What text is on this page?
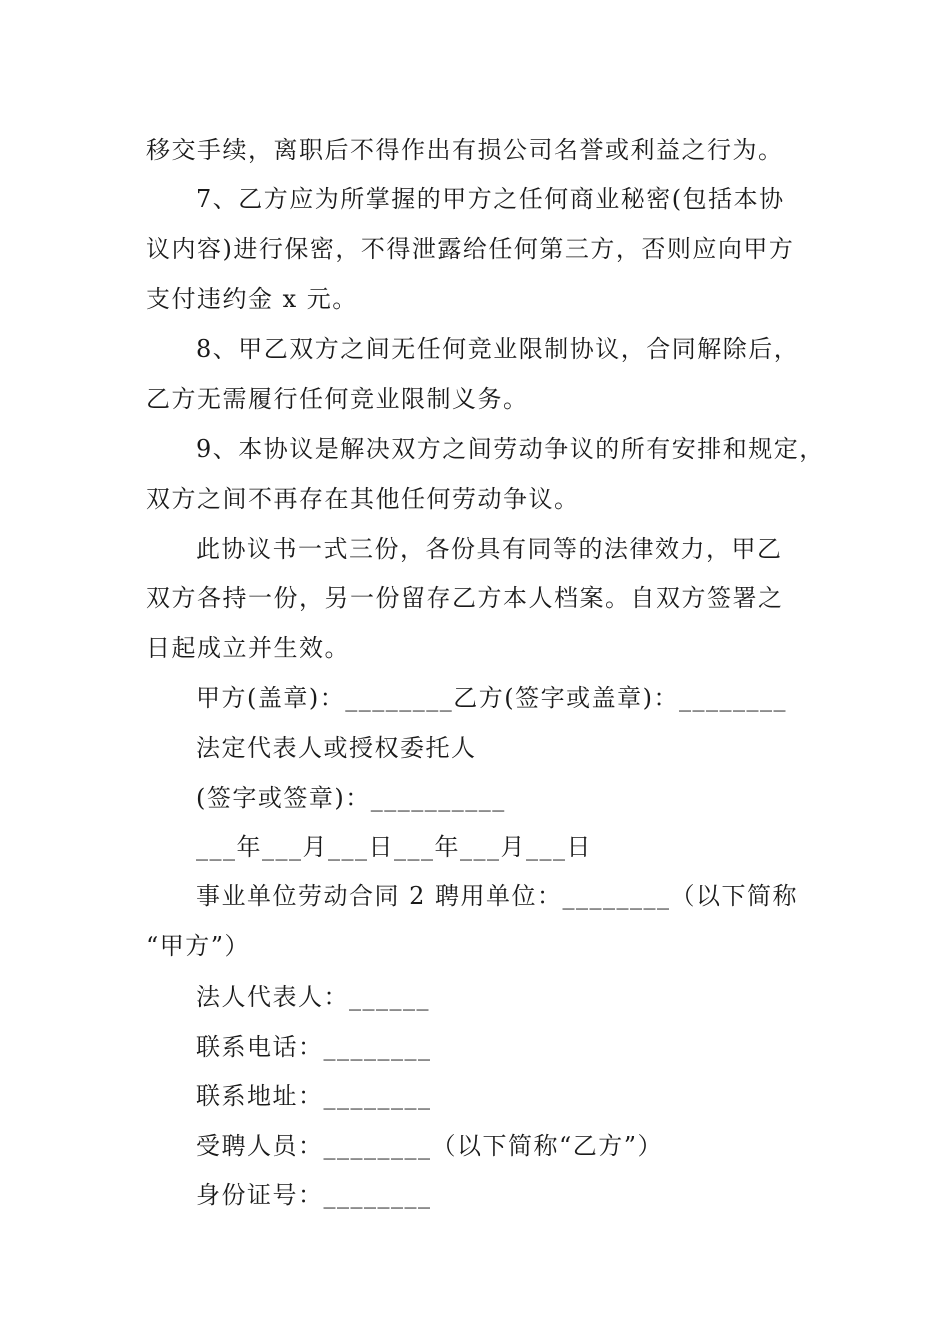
移交手续，离职后不得作出有损公司名誉或利益之行为。
7、乙方应为所掌握的甲方之任何商业秘密(包括本协
议内容)进行保密，不得泄露给任何第三方，否则应向甲方
支付违约金 x 元。
8、甲乙双方之间无任何竞业限制协议，合同解除后，
乙方无需履行任何竞业限制义务。
9、本协议是解决双方之间劳动争议的所有安排和规定，
双方之间不再存在其他任何劳动争议。
此协议书一式三份，各份具有同等的法律效力，甲乙
双方各持一份，另一份留存乙方本人档案。自双方签署之
日起成立并生效。
甲方(盖章)：________乙方(签字或盖章)：________
法定代表人或授权委托人
(签字或签章)：__________
___年___月___日___年___月___日
事业单位劳动合同 2 聘用单位：________（以下简称
“甲方”）
法人代表人：______
联系电话：________
联系地址：________
受聘人员：________（以下简称“乙方”）
身份证号：________
